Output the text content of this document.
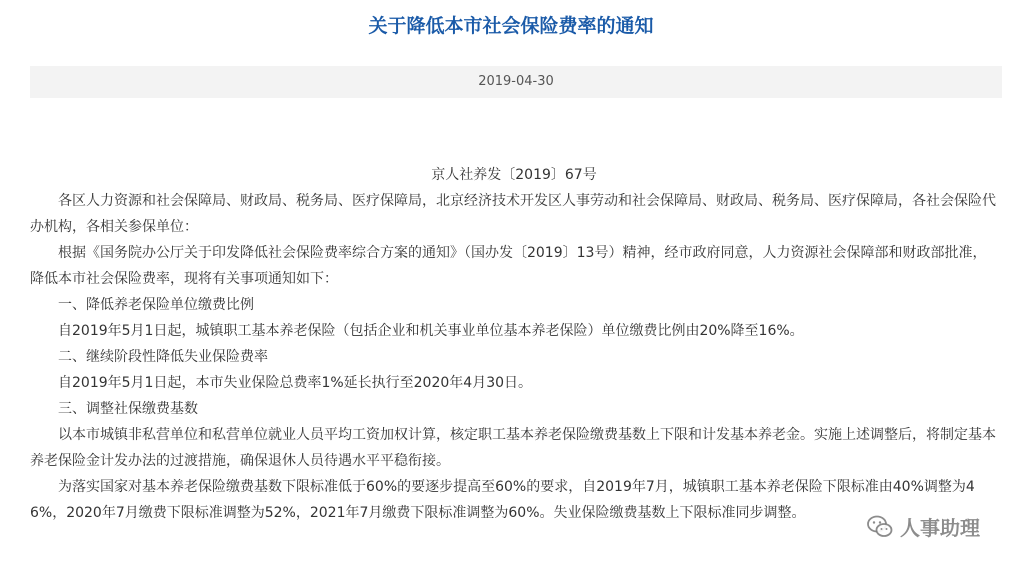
关于降低本市社会保险费率的通知
2019-04-30

京人社养发〔2019〕67号

各区人力资源和社会保障局、财政局、税务局、医疗保障局，北京经济技术开发区人事劳动和社会保障局、财政局、税务局、医疗保障局，各社会保险代办机构，各相关参保单位：

根据《国务院办公厅关于印发降低社会保险费率综合方案的通知》（国办发〔2019〕13号）精神，经市政府同意，人力资源社会保障部和财政部批准，降低本市社会保险费率，现将有关事项通知如下：

一、降低养老保险单位缴费比例

自2019年5月1日起，城镇职工基本养老保险（包括企业和机关事业单位基本养老保险）单位缴费比例由20%降至16%。

二、继续阶段性降低失业保险费率

自2019年5月1日起，本市失业保险总费率1%延长执行至2020年4月30日。

三、调整社保缴费基数

以本市城镇非私营单位和私营单位就业人员平均工资加权计算，核定职工基本养老保险缴费基数上下限和计发基本养老金。实施上述调整后，将制定基本养老保险金计发办法的过渡措施，确保退休人员待遇水平平稳衔接。

为落实国家对基本养老保险缴费基数下限标准低于60%的要逐步提高至60%的要求，自2019年7月，城镇职工基本养老保险下限标准由40%调整为46%，2020年7月缴费下限标准调整为52%，2021年7月缴费下限标准调整为60%。失业保险缴费基数上下限标准同步调整。

人事助理
